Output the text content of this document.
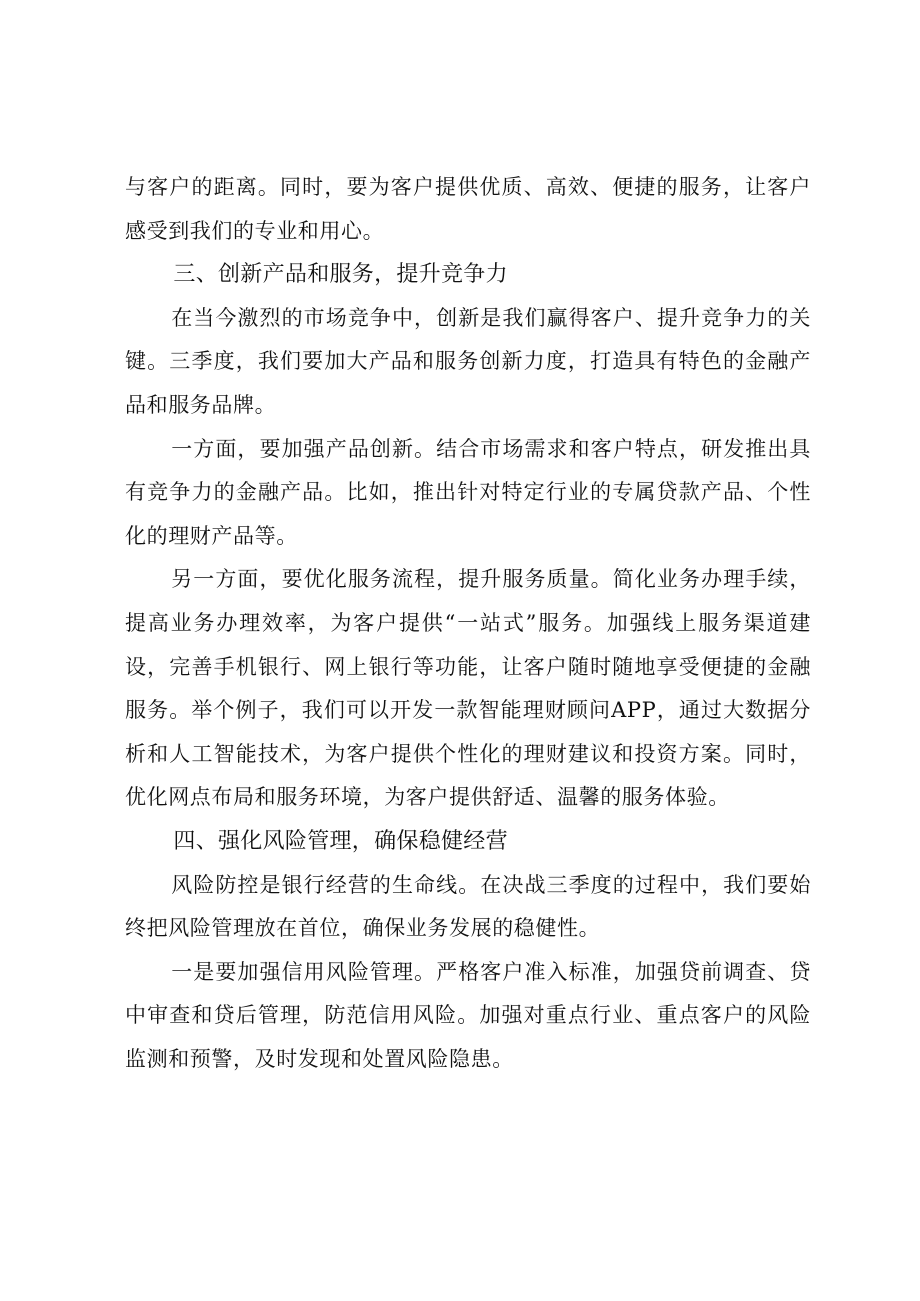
与客户的距离。同时，要为客户提供优质、高效、便捷的服务，让客户感受到我们的专业和用心。

三、创新产品和服务，提升竞争力

在当今激烈的市场竞争中，创新是我们赢得客户、提升竞争力的关键。三季度，我们要加大产品和服务创新力度，打造具有特色的金融产品和服务品牌。

一方面，要加强产品创新。结合市场需求和客户特点，研发推出具有竞争力的金融产品。比如，推出针对特定行业的专属贷款产品、个性化的理财产品等。

另一方面，要优化服务流程，提升服务质量。简化业务办理手续，提高业务办理效率，为客户提供“一站式”服务。加强线上服务渠道建设，完善手机银行、网上银行等功能，让客户随时随地享受便捷的金融服务。举个例子，我们可以开发一款智能理财顾问APP，通过大数据分析和人工智能技术，为客户提供个性化的理财建议和投资方案。同时，优化网点布局和服务环境，为客户提供舒适、温馨的服务体验。

四、强化风险管理，确保稳健经营

风险防控是银行经营的生命线。在决战三季度的过程中，我们要始终把风险管理放在首位，确保业务发展的稳健性。

一是要加强信用风险管理。严格客户准入标准，加强贷前调查、贷中审查和贷后管理，防范信用风险。加强对重点行业、重点客户的风险监测和预警，及时发现和处置风险隐患。
